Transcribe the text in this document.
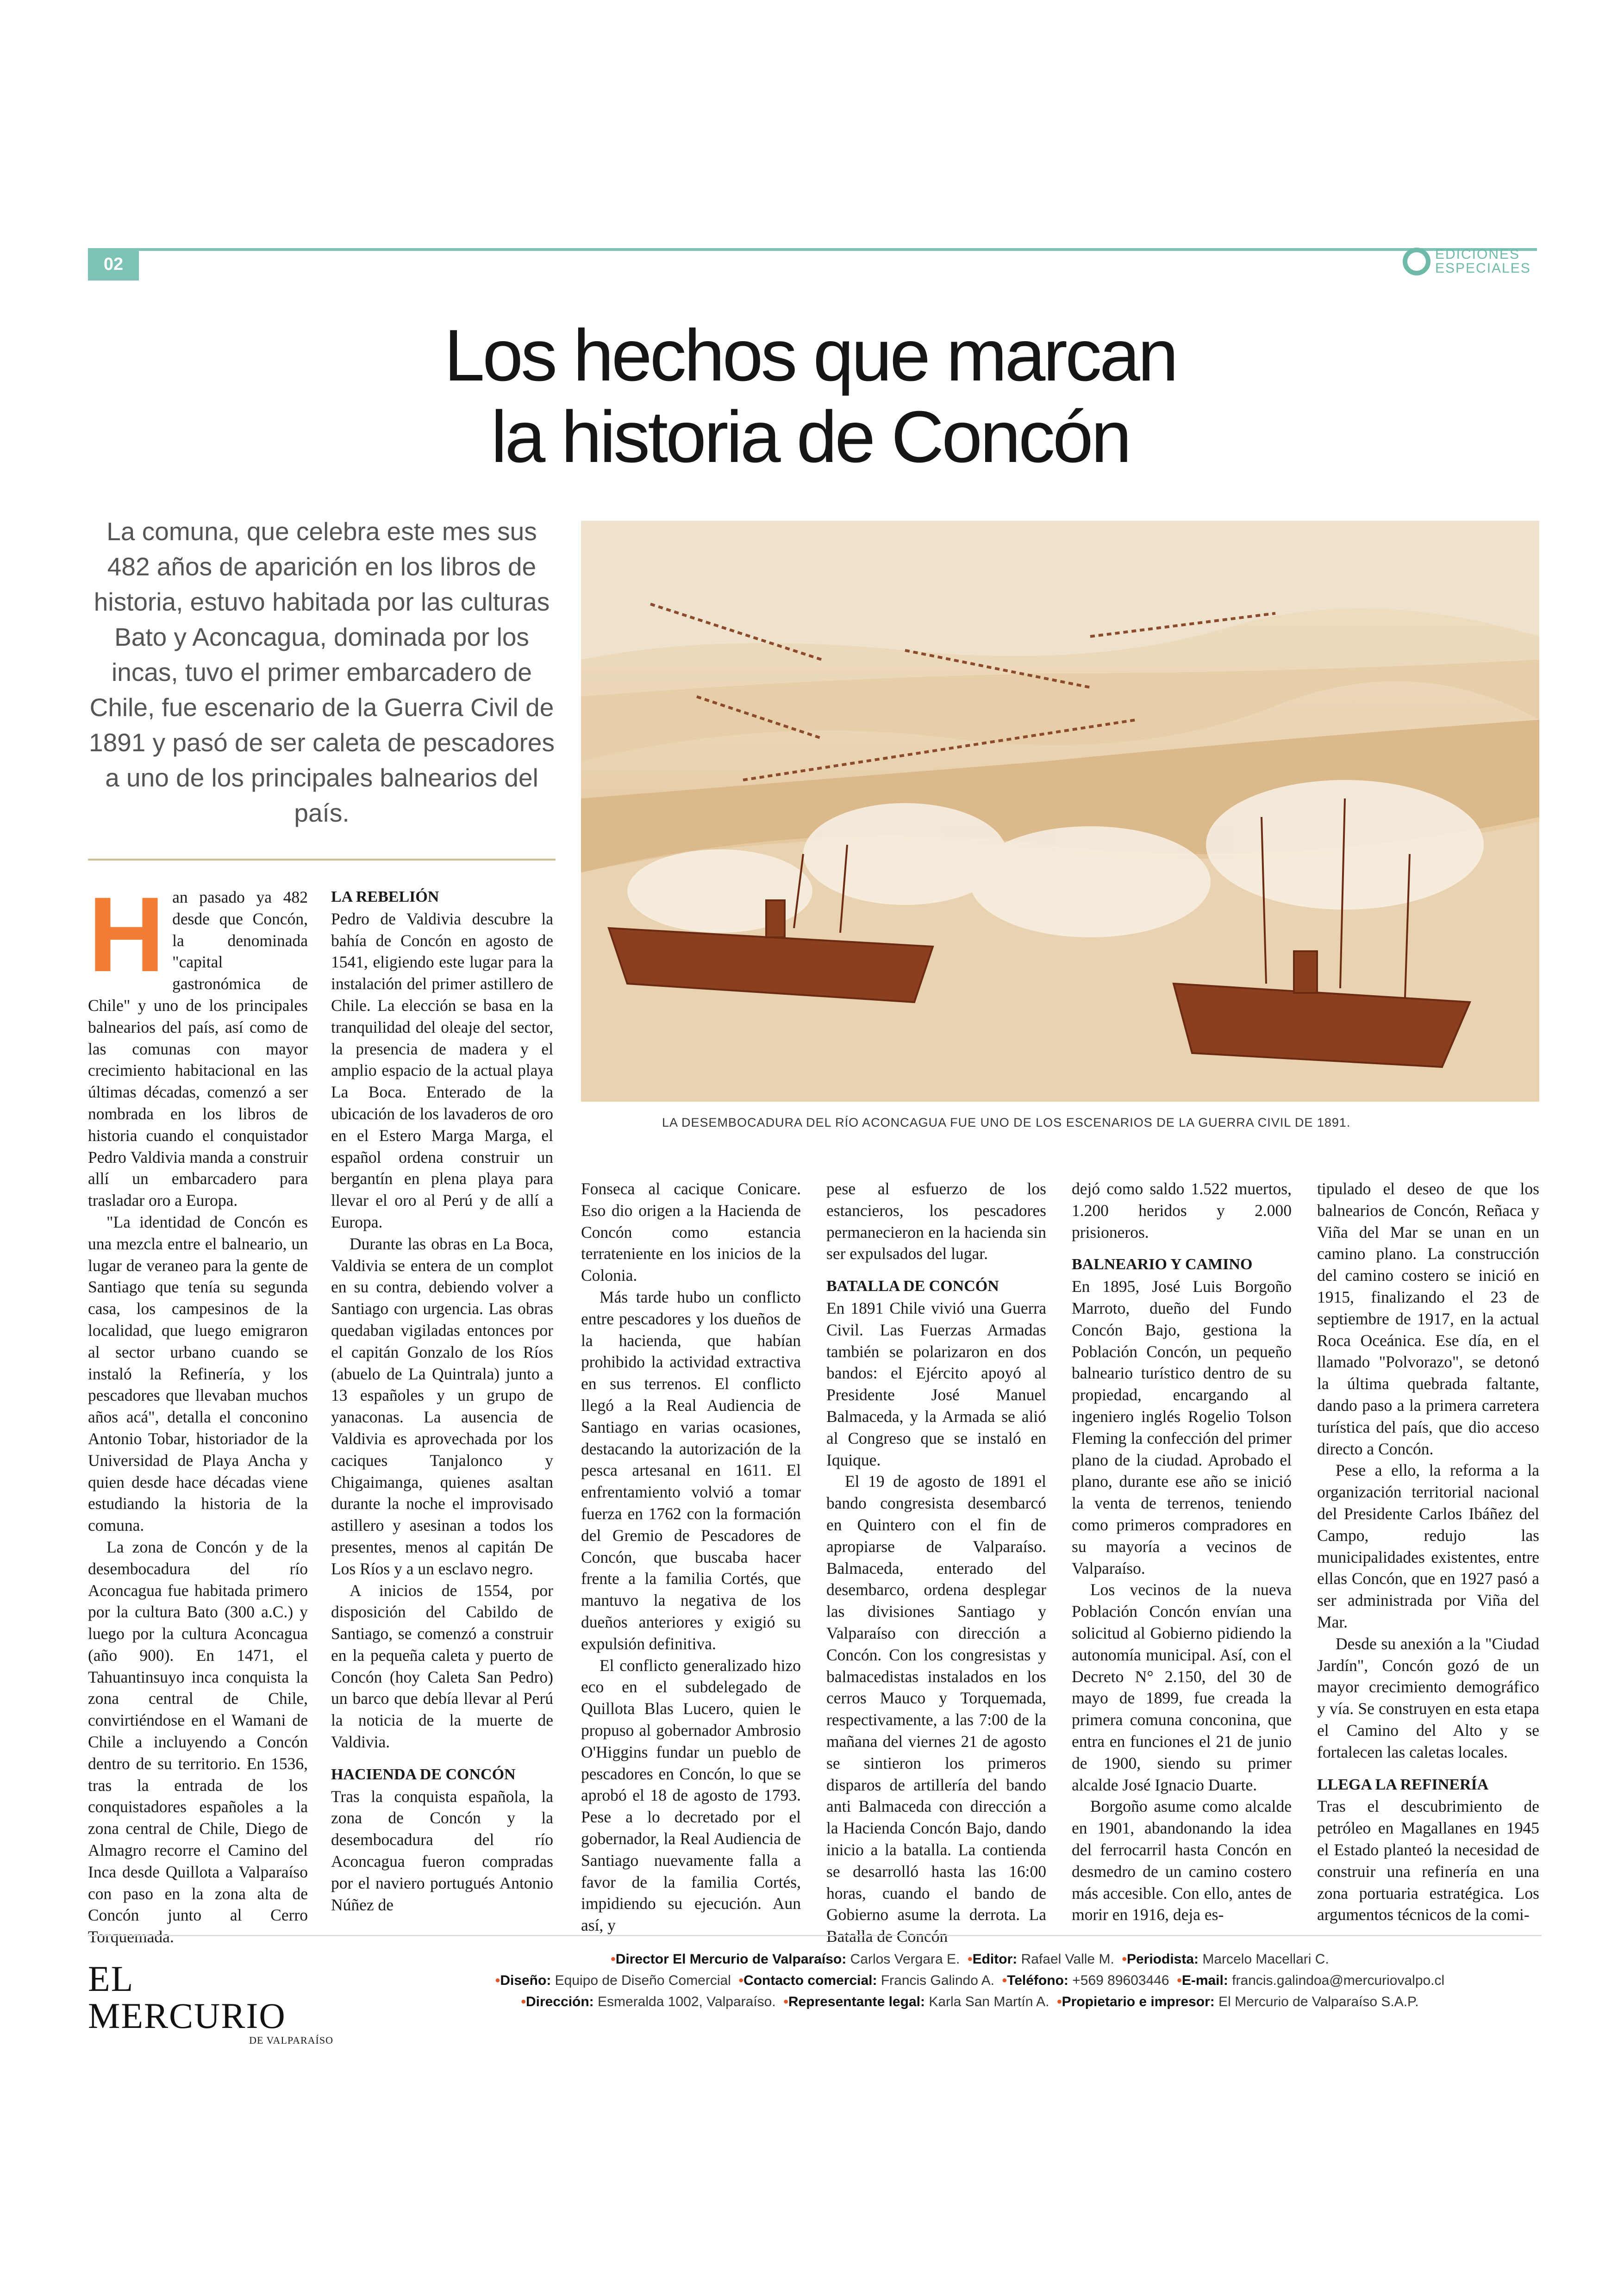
02	EDICIONES
ESPECIALES
Los hechos que marcan
la historia de Concón
La comuna, que celebra este mes sus 482 años de aparición en los libros de historia, estuvo habitada por las culturas Bato y Aconcagua, dominada por los incas, tuvo el primer embarcadero de Chile, fue escenario de la Guerra Civil de 1891 y pasó de ser caleta de pescadores a uno de los principales balnearios del país.
LA DESEMBOCADURA DEL RÍO ACONCAGUA FUE UNO DE LOS ESCENARIOS DE LA GUERRA CIVIL DE 1891.
H an pasado ya 482 desde que Concón, la denominada "capital gastronómica de Chile" y uno de los principales balnearios del país, así como de las comunas con mayor crecimiento habitacional en las últimas décadas, comenzó a ser nombrada en los libros de historia cuando el conquistador Pedro Valdivia manda a construir allí un embarcadero para trasladar oro a Europa.

"La identidad de Concón es una mezcla entre el balneario, un lugar de veraneo para la gente de Santiago que tenía su segunda casa, los campesinos de la localidad, que luego emigraron al sector urbano cuando se instaló la Refinería, y los pescadores que llevaban muchos años acá", detalla el conconino Antonio Tobar, historiador de la Universidad de Playa Ancha y quien desde hace décadas viene estudiando la historia de la comuna.

La zona de Concón y de la desembocadura del río Aconcagua fue habitada primero por la cultura Bato (300 a.C.) y luego por la cultura Aconcagua (año 900). En 1471, el Tahuantinsuyo inca conquista la zona central de Chile, convirtiéndose en el Wamani de Chile a incluyendo a Concón dentro de su territorio. En 1536, tras la entrada de los conquistadores españoles a la zona central de Chile, Diego de Almagro recorre el Camino del Inca desde Quillota a Valparaíso con paso en la zona alta de Concón junto al Cerro Torquemada.

LA REBELIÓN

Pedro de Valdivia descubre la bahía de Concón en agosto de 1541, eligiendo este lugar para la instalación del primer astillero de Chile. La elección se basa en la tranquilidad del oleaje del sector, la presencia de madera y el amplio espacio de la actual playa La Boca. Enterado de la ubicación de los lavaderos de oro en el Estero Marga Marga, el español ordena construir un bergantín en plena playa para llevar el oro al Perú y de allí a Europa.

Durante las obras en La Boca, Valdivia se entera de un complot en su contra, debiendo volver a Santiago con urgencia. Las obras quedaban vigiladas entonces por el capitán Gonzalo de los Ríos (abuelo de La Quintrala) junto a 13 españoles y un grupo de yanaconas. La ausencia de Valdivia es aprovechada por los caciques Tanjalonco y Chigaimanga, quienes asaltan durante la noche el improvisado astillero y asesinan a todos los presentes, menos al capitán De Los Ríos y a un esclavo negro.

A inicios de 1554, por disposición del Cabildo de Santiago, se comenzó a construir en la pequeña caleta y puerto de Concón (hoy Caleta San Pedro) un barco que debía llevar al Perú la noticia de la muerte de Valdivia.

HACIENDA DE CONCÓN

Tras la conquista española, la zona de Concón y la desembocadura del río Aconcagua fueron compradas por el naviero portugués Antonio Núñez de

Fonseca al cacique Conicare. Eso dio origen a la Hacienda de Concón como estancia terrateniente en los inicios de la Colonia.

Más tarde hubo un conflicto entre pescadores y los dueños de la hacienda, que habían prohibido la actividad extractiva en sus terrenos. El conflicto llegó a la Real Audiencia de Santiago en varias ocasiones, destacando la autorización de la pesca artesanal en 1611. El enfrentamiento volvió a tomar fuerza en 1762 con la formación del Gremio de Pescadores de Concón, que buscaba hacer frente a la familia Cortés, que mantuvo la negativa de los dueños anteriores y exigió su expulsión definitiva.

El conflicto generalizado hizo eco en el subdelegado de Quillota Blas Lucero, quien le propuso al gobernador Ambrosio O'Higgins fundar un pueblo de pescadores en Concón, lo que se aprobó el 18 de agosto de 1793. Pese a lo decretado por el gobernador, la Real Audiencia de Santiago nuevamente falla a favor de la familia Cortés, impidiendo su ejecución. Aun así, y

pese al esfuerzo de los estancieros, los pescadores permanecieron en la hacienda sin ser expulsados del lugar.

BATALLA DE CONCÓN

En 1891 Chile vivió una Guerra Civil. Las Fuerzas Armadas también se polarizaron en dos bandos: el Ejército apoyó al Presidente José Manuel Balmaceda, y la Armada se alió al Congreso que se instaló en Iquique.

El 19 de agosto de 1891 el bando congresista desembarcó en Quintero con el fin de apropiarse de Valparaíso. Balmaceda, enterado del desembarco, ordena desplegar las divisiones Santiago y Valparaíso con dirección a Concón. Con los congresistas y balmacedistas instalados en los cerros Mauco y Torquemada, respectivamente, a las 7:00 de la mañana del viernes 21 de agosto se sintieron los primeros disparos de artillería del bando anti Balmaceda con dirección a la Hacienda Concón Bajo, dando inicio a la batalla. La contienda se desarrolló hasta las 16:00 horas, cuando el bando de Gobierno asume la derrota. La Batalla de Concón

dejó como saldo 1.522 muertos, 1.200 heridos y 2.000 prisioneros.

BALNEARIO Y CAMINO

En 1895, José Luis Borgoño Marroto, dueño del Fundo Concón Bajo, gestiona la Población Concón, un pequeño balneario turístico dentro de su propiedad, encargando al ingeniero inglés Rogelio Tolson Fleming la confección del primer plano de la ciudad. Aprobado el plano, durante ese año se inició la venta de terrenos, teniendo como primeros compradores en su mayoría a vecinos de Valparaíso.

Los vecinos de la nueva Población Concón envían una solicitud al Gobierno pidiendo la autonomía municipal. Así, con el Decreto N° 2.150, del 30 de mayo de 1899, fue creada la primera comuna conconina, que entra en funciones el 21 de junio de 1900, siendo su primer alcalde José Ignacio Duarte.

Borgoño asume como alcalde en 1901, abandonando la idea del ferrocarril hasta Concón en desmedro de un camino costero más accesible. Con ello, antes de morir en 1916, deja es-

tipulado el deseo de que los balnearios de Concón, Reñaca y Viña del Mar se unan en un camino plano. La construcción del camino costero se inició en 1915, finalizando el 23 de septiembre de 1917, en la actual Roca Oceánica. Ese día, en el llamado "Polvorazo", se detonó la última quebrada faltante, dando paso a la primera carretera turística del país, que dio acceso directo a Concón.

Pese a ello, la reforma a la organización territorial nacional del Presidente Carlos Ibáñez del Campo, redujo las municipalidades existentes, entre ellas Concón, que en 1927 pasó a ser administrada por Viña del Mar.

Desde su anexión a la "Ciudad Jardín", Concón gozó de un mayor crecimiento demográfico y vía. Se construyen en esta etapa el Camino del Alto y se fortalecen las caletas locales.

LLEGA LA REFINERÍA

Tras el descubrimiento de petróleo en Magallanes en 1945 el Estado planteó la necesidad de construir una refinería en una zona portuaria estratégica. Los argumentos técnicos de la comi-

EL MERCURIO
DE VALPARAÍSO
•Director El Mercurio de Valparaíso: Carlos Vergara E. •Editor: Rafael Valle M. •Periodista: Marcelo Macellari C.
•Diseño: Equipo de Diseño Comercial •Contacto comercial: Francis Galindo A. •Teléfono: +569 89603446 •E-mail: francis.galindoa@mercuriovalpo.cl
•Dirección: Esmeralda 1002, Valparaíso. •Representante legal: Karla San Martín A. •Propietario e impresor: El Mercurio de Valparaíso S.A.P.
